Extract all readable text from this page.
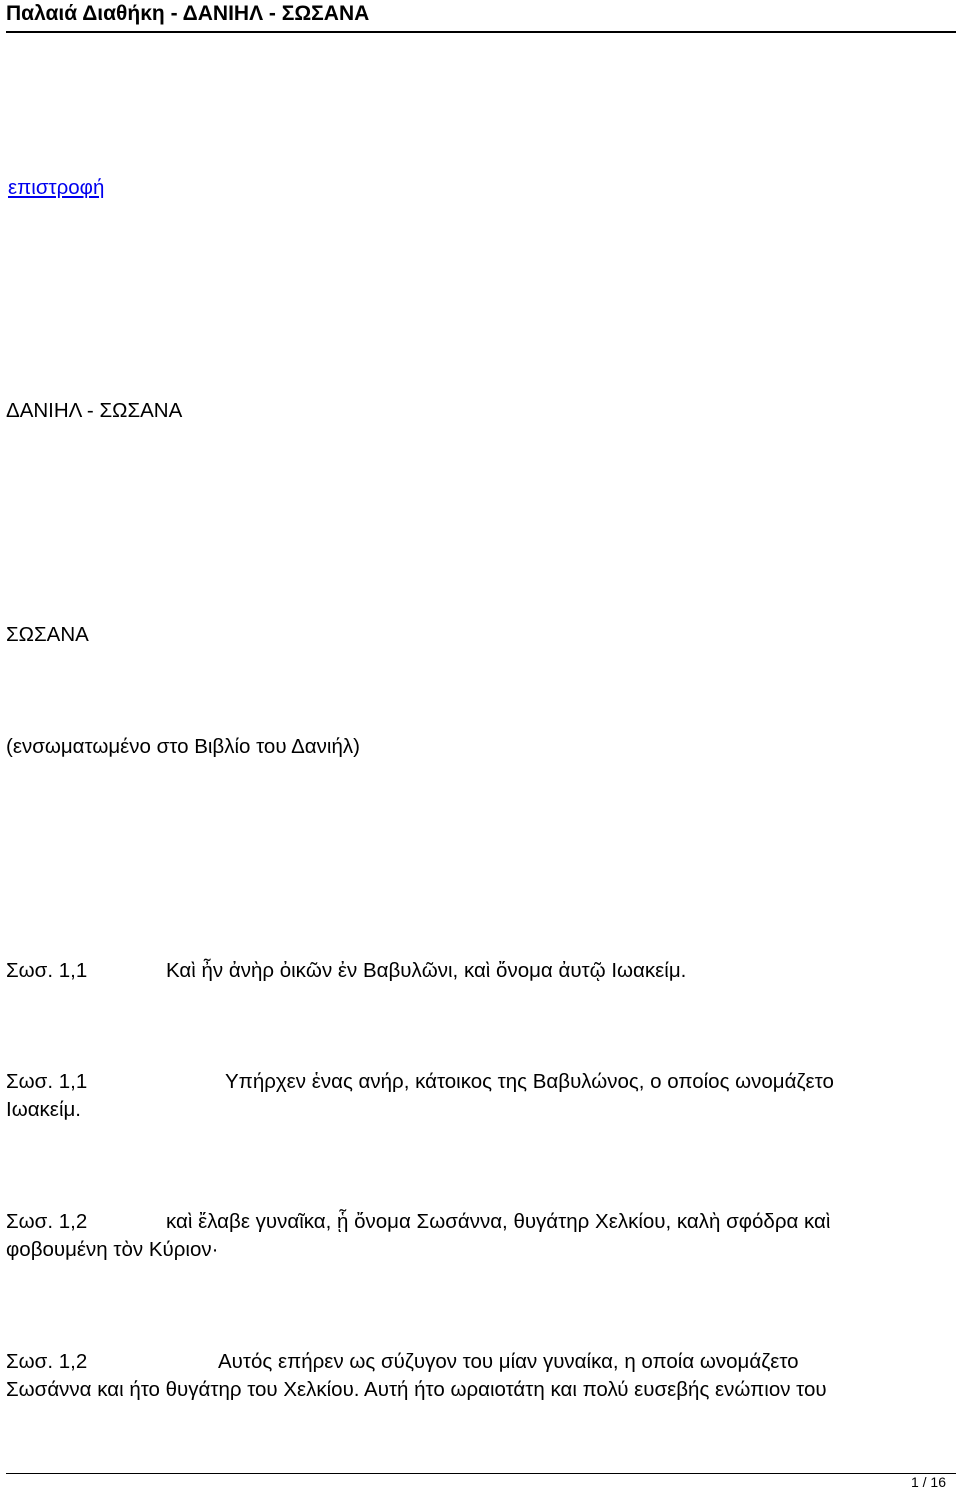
Παλαιά Διαθήκη - ΔΑΝΙΗΛ - ΣΩΣΑΝΑ
επιστροφή
ΔΑΝΙΗΛ - ΣΩΣΑΝΑ
ΣΩΣΑΝΑ
(ενσωματωμένο στο Βιβλίο του Δανιήλ)
Σωσ. 1,1	Καὶ ἦν ἀνὴρ ὀικῶν ἐν Βαβυλῶνι, καὶ ὄνομα ἀυτῷ Ιωακείμ.
Σωσ. 1,1	Υπήρχεν ἑνας ανήρ, κάτοικος της Βαβυλώνος, ο οποίος ωνομάζετο
Ιωακείμ.
Σωσ. 1,2	καὶ ἔλαβε γυναῖκα, ᾗ ὄνομα Σωσάννα, θυγάτηρ Χελκίου, καλὴ σφόδρα καὶ
φοβουμένη τὸν Κύριον·
Σωσ. 1,2	Αυτός επήρεν ως σύζυγον του μίαν γυναίκα, η οποία ωνομάζετο
Σωσάννα και ήτο θυγάτηρ του Χελκίου. Αυτή ήτο ωραιοτάτη και πολύ ευσεβής ενώπιον του
1 / 16
